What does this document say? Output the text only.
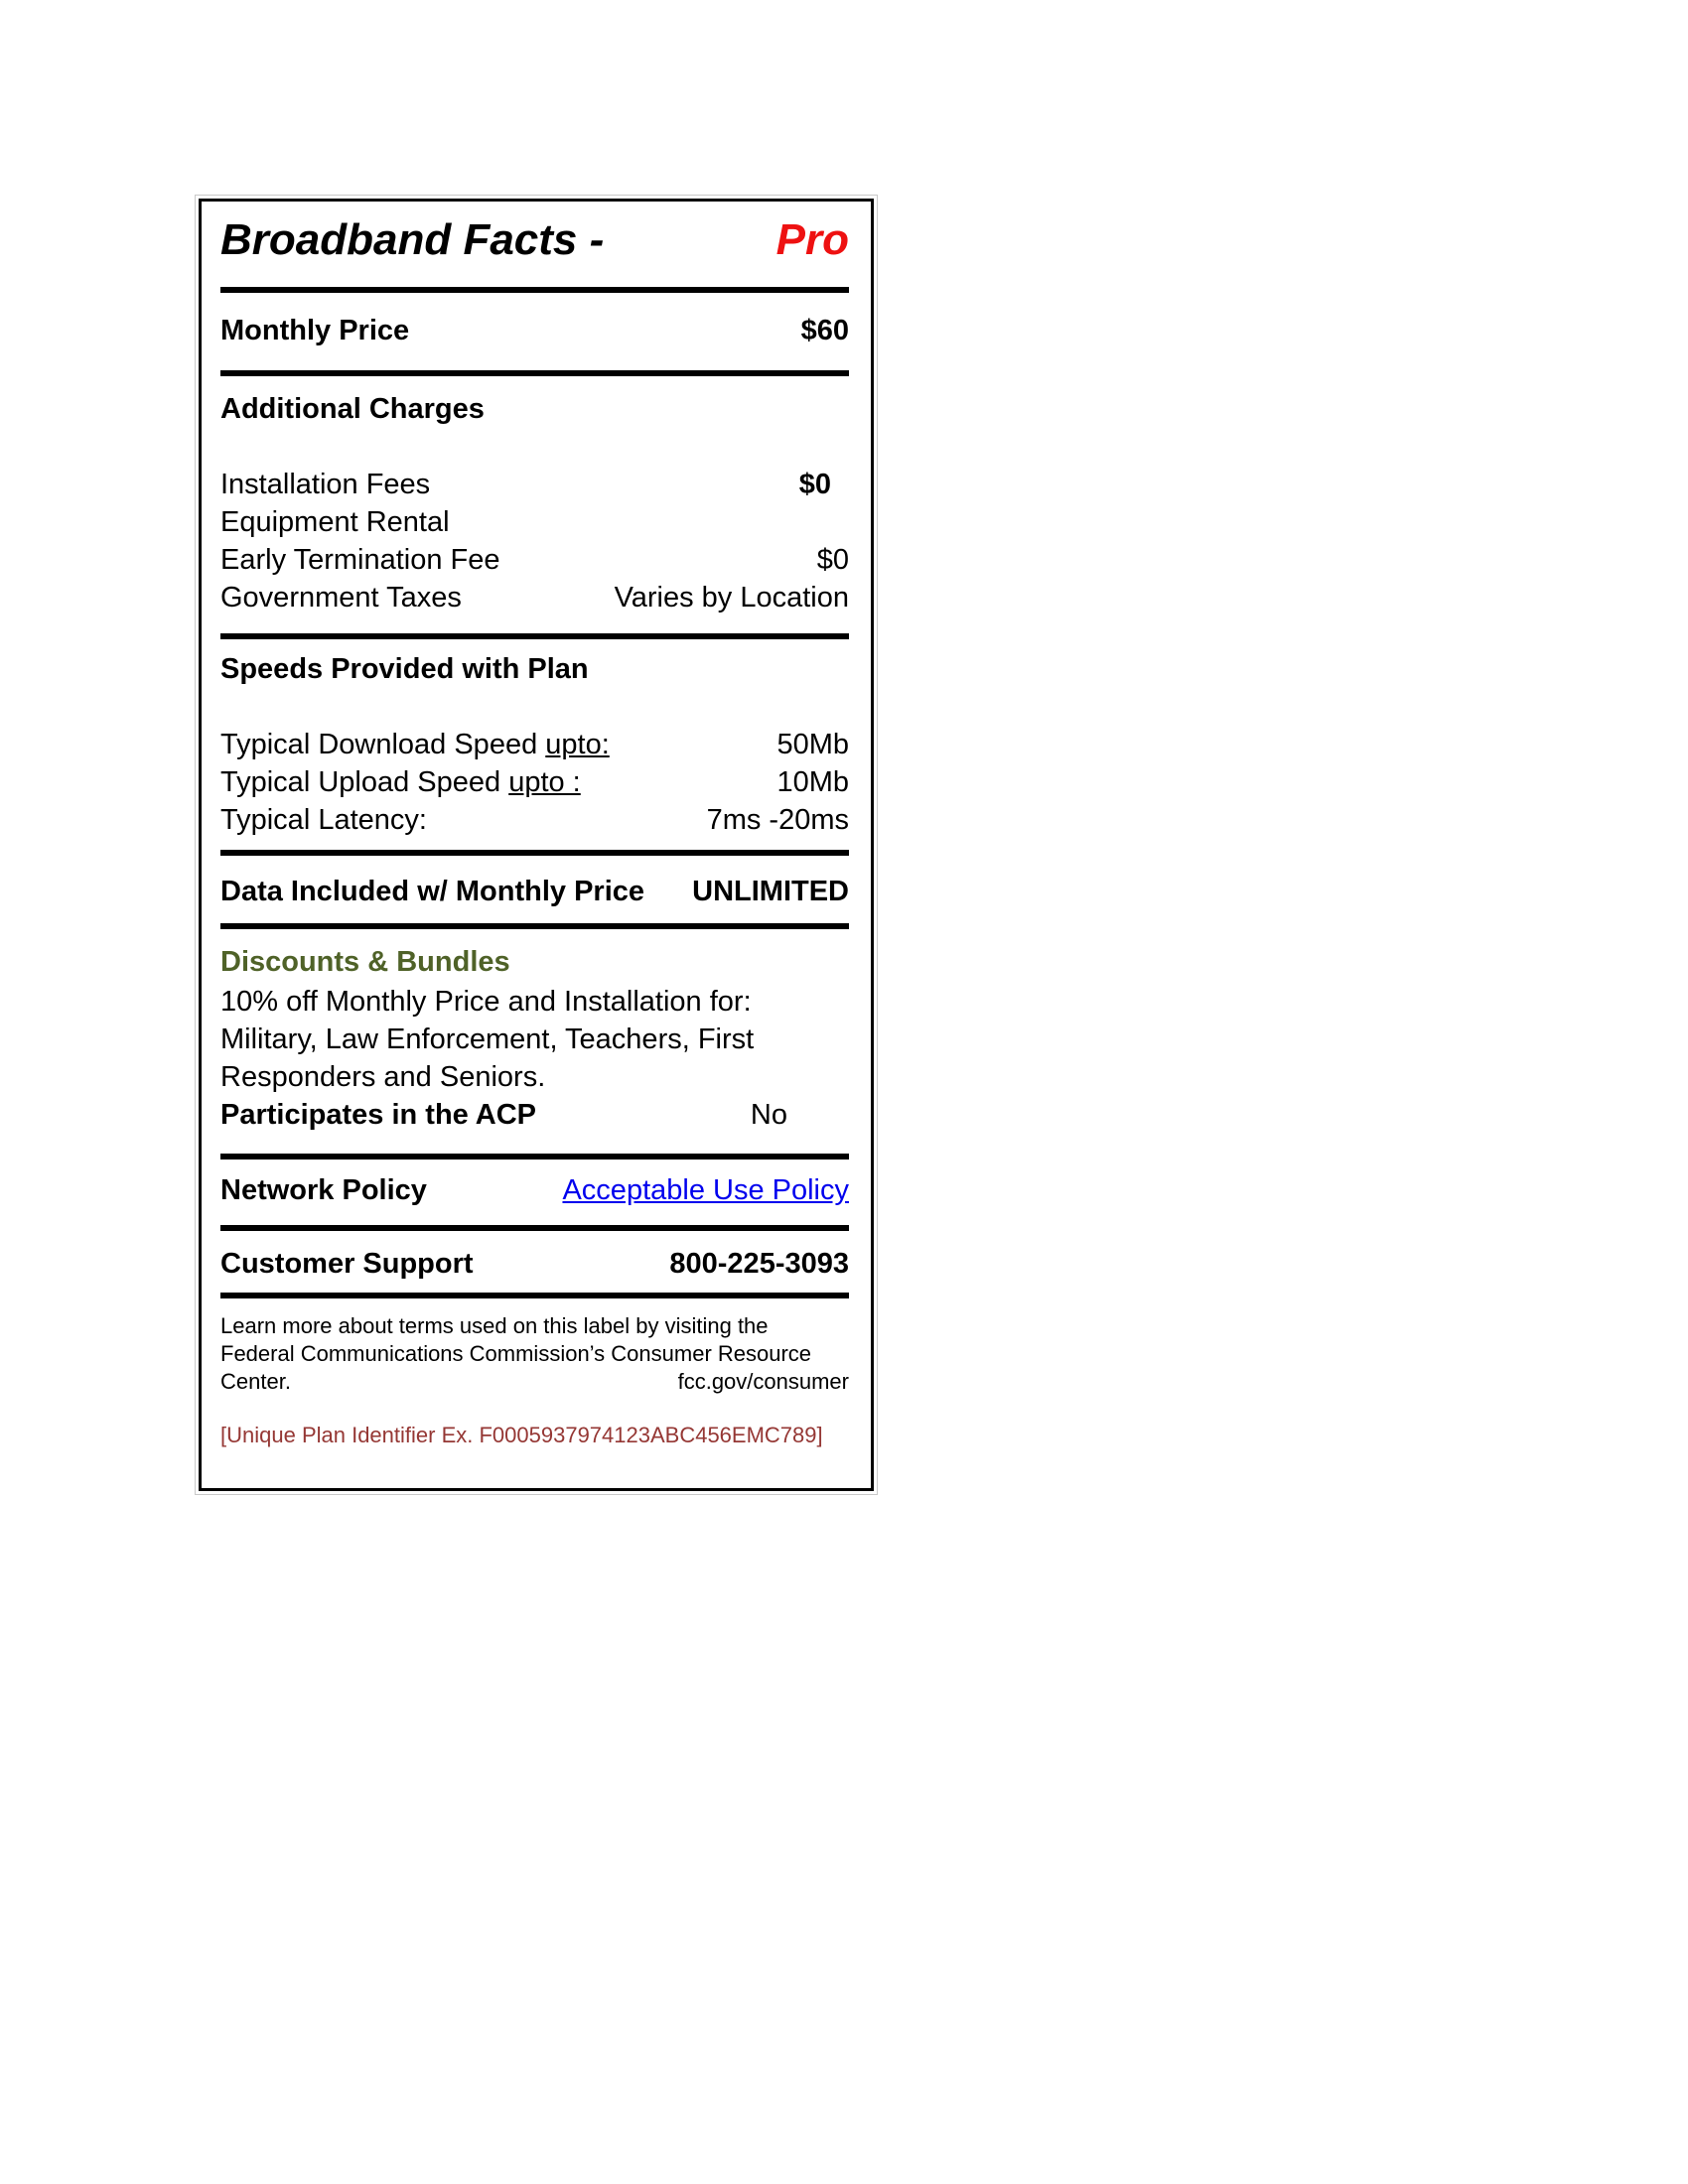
Broadband Facts -	Pro
Monthly Price	$60
Additional Charges
Installation Fees	$0
Equipment Rental
Early Termination Fee	$0
Government Taxes	Varies by Location
Speeds Provided with Plan
Typical Download Speed upto:	50Mb
Typical Upload Speed upto :	10Mb
Typical Latency:	7ms -20ms
Data Included w/ Monthly Price UNLIMITED
Discounts & Bundles
10% off Monthly Price and Installation for:
Military, Law Enforcement, Teachers, First
Responders and Seniors.
Participates in the ACP	No
Network Policy	Acceptable Use Policy
Customer Support	800-225-3093
Learn more about terms used on this label by visiting the
Federal Communications Commission’s Consumer Resource
Center.	fcc.gov/consumer
[Unique Plan Identifier Ex. F0005937974123ABC456EMC789]
